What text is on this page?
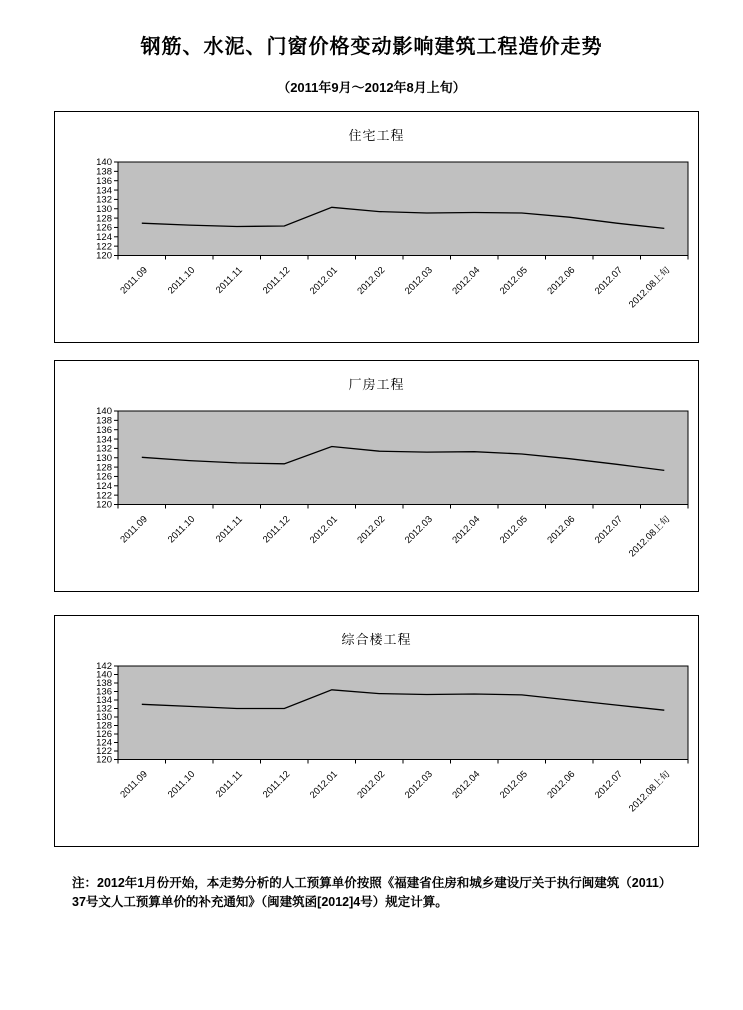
钢筋、水泥、门窗价格变动影响建筑工程造价走势
（2011年9月～2012年8月上旬）
120
122
124
126
128
130
132
134
136
138
140
2011.09 2011.10 2011.11 2011.12 2012.01 2012.02 2012.03 2012.04 2012.05 2012.06 2012.07 2012.08上旬
住宅工程
120
122
124
126
128
130
132
134
136
138
140
2011.09 2011.10 2011.11 2011.12 2012.01 2012.02 2012.03 2012.04 2012.05 2012.06 2012.07 2012.08上旬
厂房工程
120
122
124
126
128
130
132
134
136
138
140
142
2011.09 2011.10 2011.11 2011.12 2012.01 2012.02 2012.03 2012.04 2012.05 2012.06 2012.07 2012.08上旬
综合楼工程
注：2012年1月份开始，本走势分析的人工预算单价按照《福建省住房和城乡建设厅关于执行闽建筑（2011）37号文人工预算单价的补充通知》（闽建筑函[2012]4号）规定计算。
